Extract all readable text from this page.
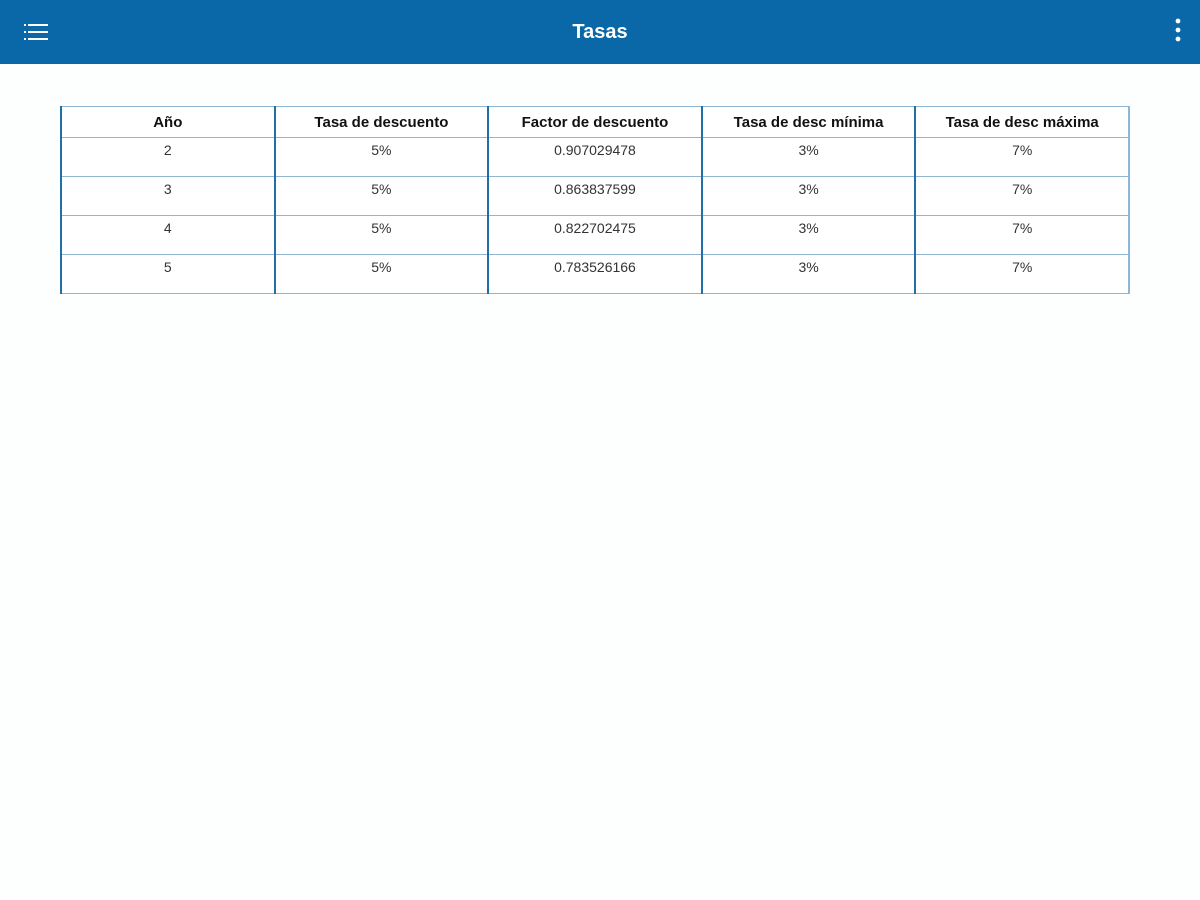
Tasas
Año	Tasa de descuento	Factor de descuento	Tasa de desc mínima	Tasa de desc máxima
2	5%	0.907029478	3%	7%
3	5%	0.863837599	3%	7%
4	5%	0.822702475	3%	7%
5	5%	0.783526166	3%	7%
